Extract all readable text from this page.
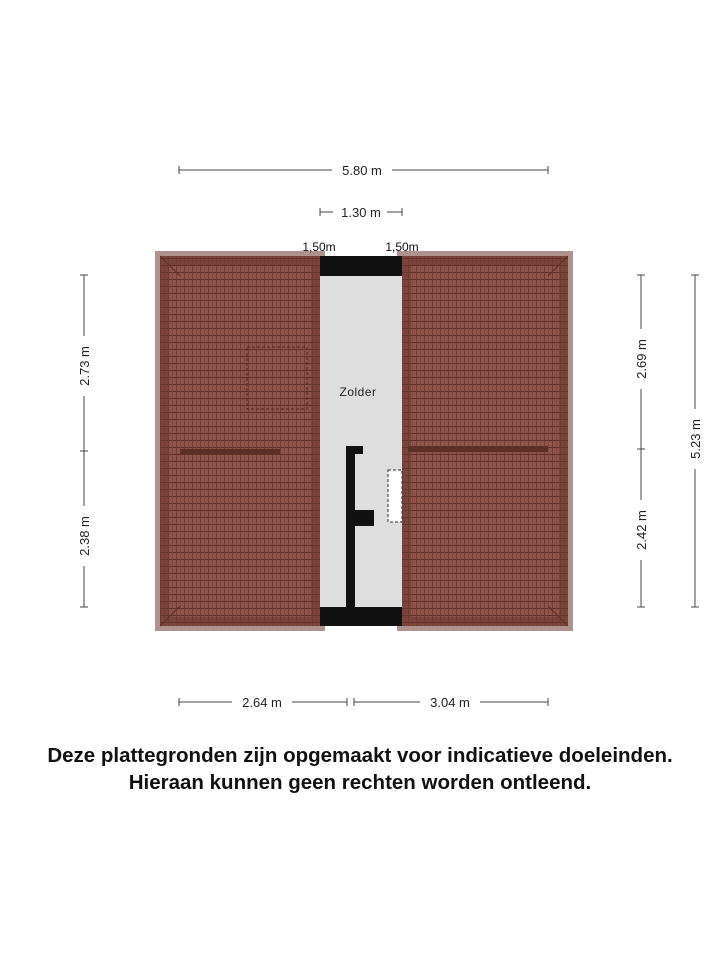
Zolder
1,50m	1,50m
5.80 m
1.30 m
2.73 m
2.38 m
2.69 m
2.42 m
5.23 m
2.64 m	3.04 m
Deze plattegronden zijn opgemaakt voor indicatieve doeleinden.
Hieraan kunnen geen rechten worden ontleend.
